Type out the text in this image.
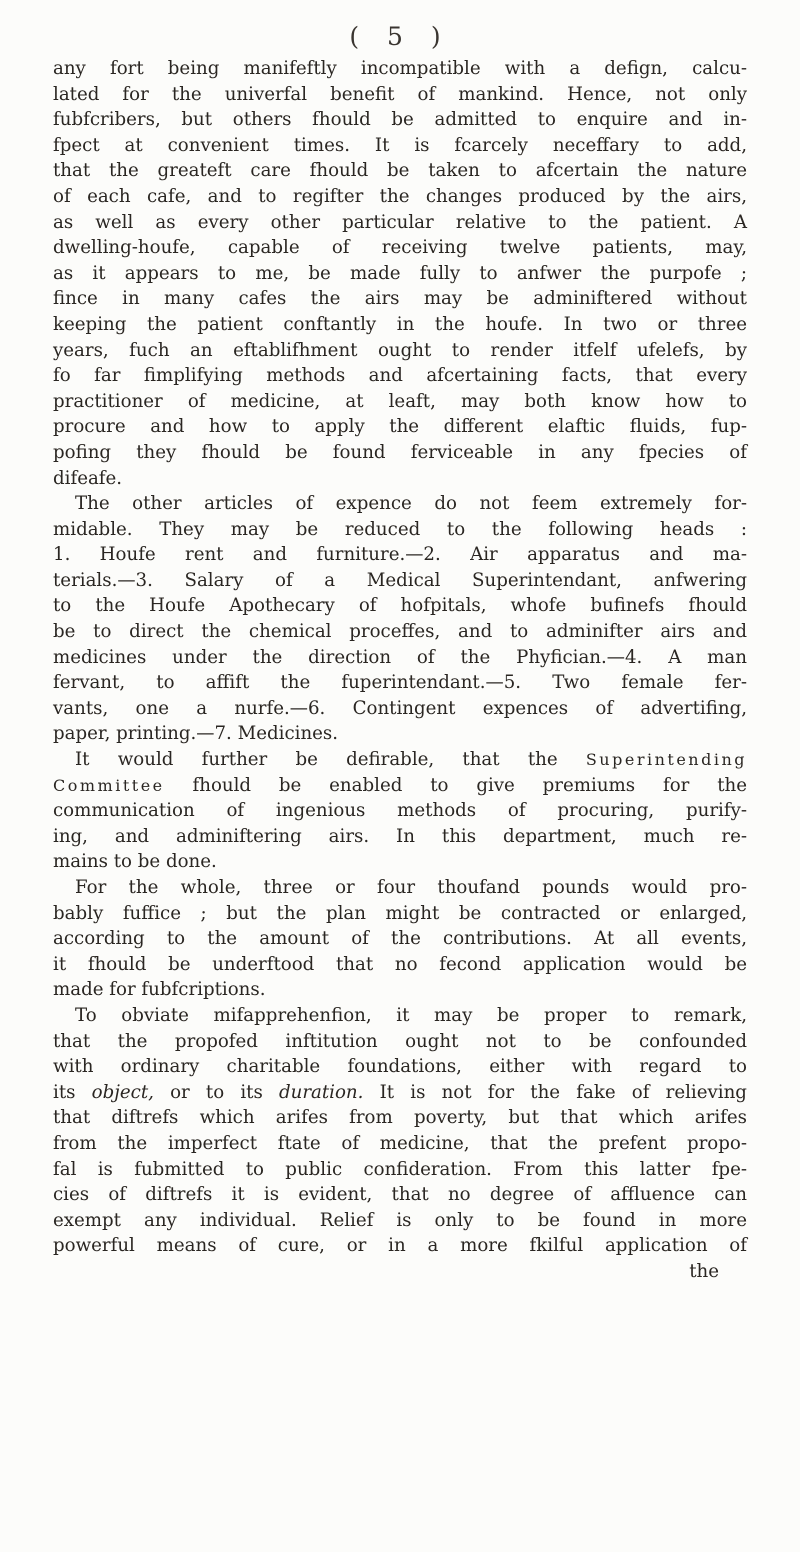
( 5 )
any fort being manifeftly incompatible with a defign, calcu-
lated for the univerfal benefit of mankind. Hence, not only
fubfcribers, but others fhould be admitted to enquire and in-
fpect at convenient times. It is fcarcely neceffary to add,
that the greateft care fhould be taken to afcertain the nature
of each cafe, and to regifter the changes produced by the airs,
as well as every other particular relative to the patient. A
dwelling-houfe, capable of receiving twelve patients, may,
as it appears to me, be made fully to anfwer the purpofe ;
fince in many cafes the airs may be adminiftered without
keeping the patient conftantly in the houfe. In two or three
years, fuch an eftablifhment ought to render itfelf ufelefs, by
fo far fimplifying methods and afcertaining facts, that every
practitioner of medicine, at leaft, may both know how to
procure and how to apply the different elaftic fluids, fup-
pofing they fhould be found ferviceable in any fpecies of
difeafe.
The other articles of expence do not feem extremely for-
midable. They may be reduced to the following heads :
1. Houfe rent and furniture.—2. Air apparatus and ma-
terials.—3. Salary of a Medical Superintendant, anfwering
to the Houfe Apothecary of hofpitals, whofe bufinefs fhould
be to direct the chemical proceffes, and to adminifter airs and
medicines under the direction of the Phyfician.—4. A man
fervant, to affift the fuperintendant.—5. Two female fer-
vants, one a nurfe.—6. Contingent expences of advertifing,
paper, printing.—7. Medicines.
It would further be defirable, that the Superintending
Committee fhould be enabled to give premiums for the
communication of ingenious methods of procuring, purify-
ing, and adminiftering airs. In this department, much re-
mains to be done.
For the whole, three or four thoufand pounds would pro-
bably fuffice ; but the plan might be contracted or enlarged,
according to the amount of the contributions. At all events,
it fhould be underftood that no fecond application would be
made for fubfcriptions.
To obviate mifapprehenfion, it may be proper to remark,
that the propofed inftitution ought not to be confounded
with ordinary charitable foundations, either with regard to
its object, or to its duration. It is not for the fake of relieving
that diftrefs which arifes from poverty, but that which arifes
from the imperfect ftate of medicine, that the prefent propo-
fal is fubmitted to public confideration. From this latter fpe-
cies of diftrefs it is evident, that no degree of affluence can
exempt any individual. Relief is only to be found in more
powerful means of cure, or in a more fkilful application of
the
